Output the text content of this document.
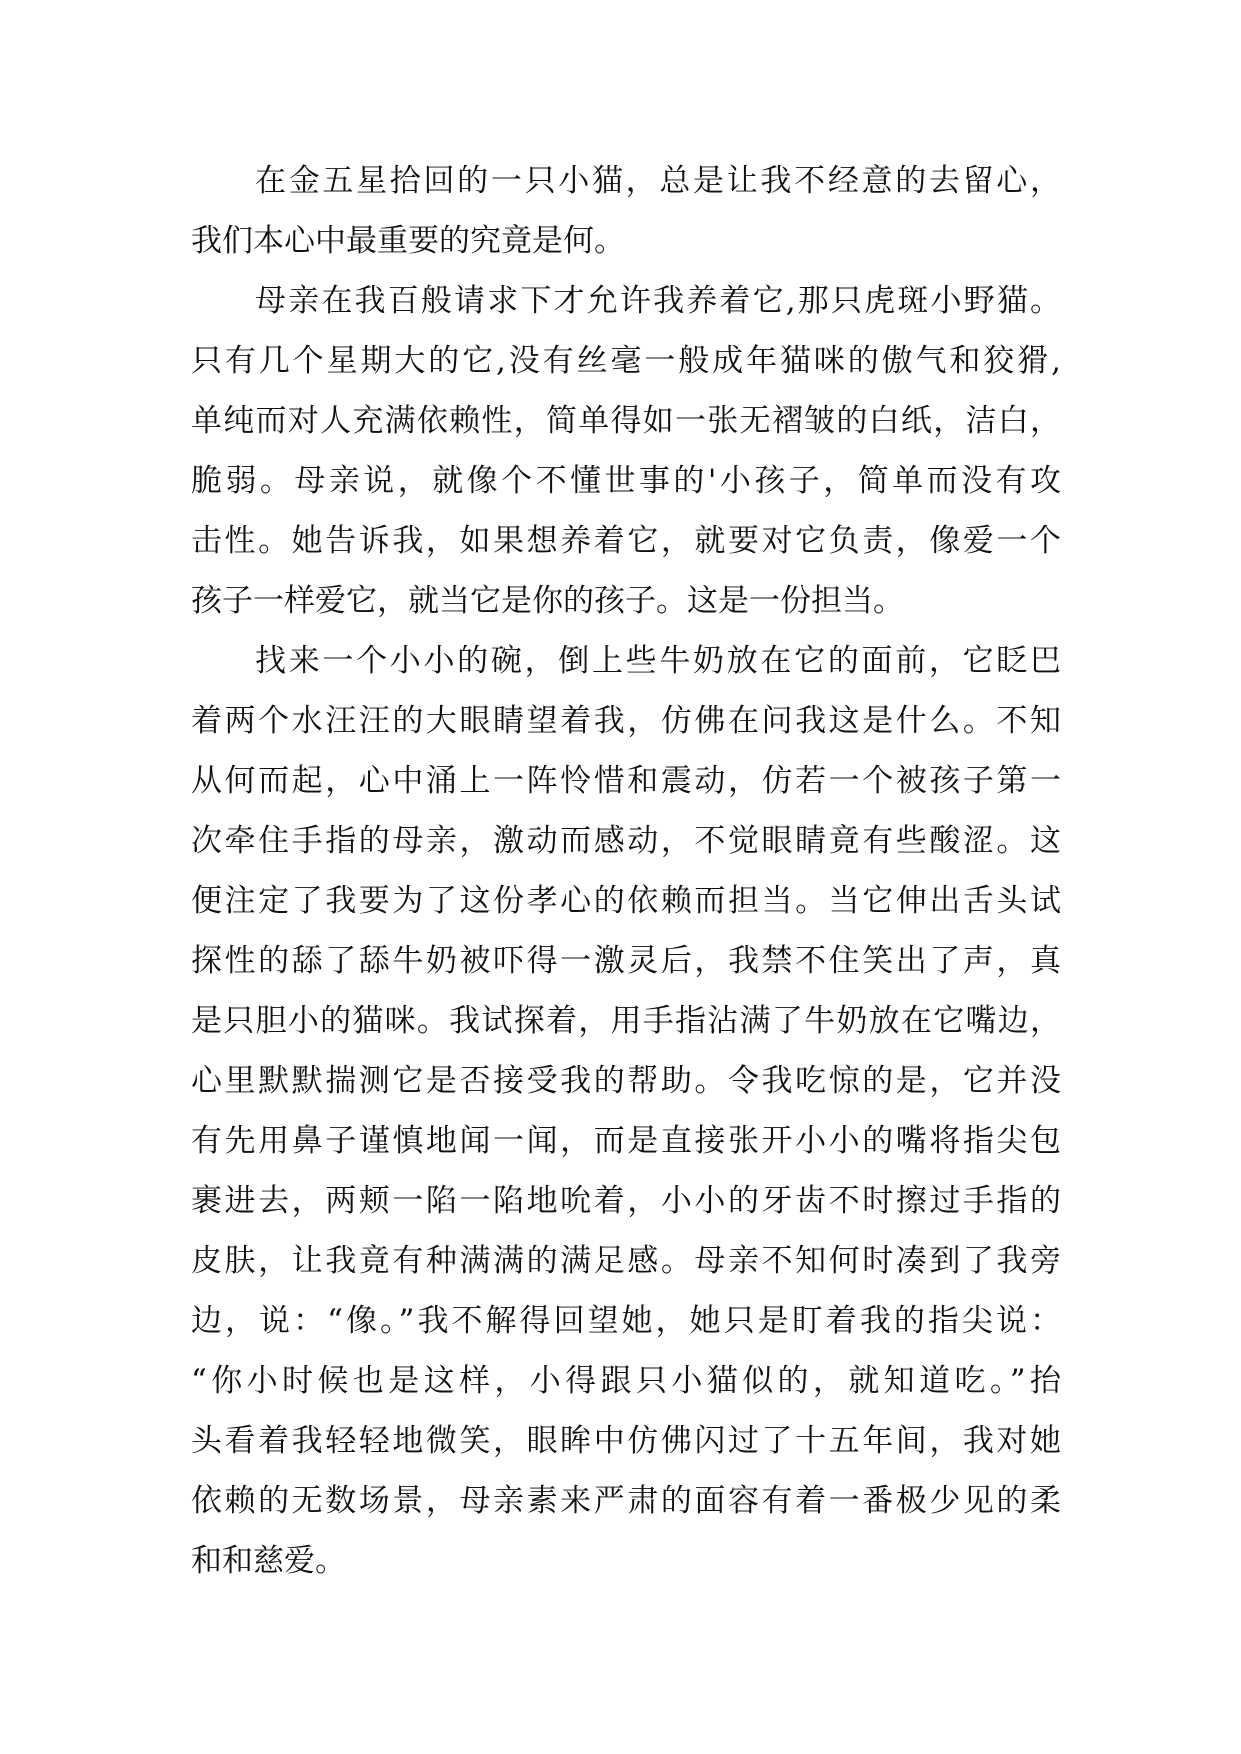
在金五星拾回的一只小猫，总是让我不经意的去留心，
我们本心中最重要的究竟是何。
母亲在我百般请求下才允许我养着它,那只虎斑小野猫。
只有几个星期大的它,没有丝毫一般成年猫咪的傲气和狡猾,
单纯而对人充满依赖性，简单得如一张无褶皱的白纸，洁白，
脆弱。母亲说，就像个不懂世事的'小孩子，简单而没有攻
击性。她告诉我，如果想养着它，就要对它负责，像爱一个
孩子一样爱它，就当它是你的孩子。这是一份担当。
找来一个小小的碗，倒上些牛奶放在它的面前，它眨巴
着两个水汪汪的大眼睛望着我，仿佛在问我这是什么。不知
从何而起，心中涌上一阵怜惜和震动，仿若一个被孩子第一
次牵住手指的母亲，激动而感动，不觉眼睛竟有些酸涩。这
便注定了我要为了这份孝心的依赖而担当。当它伸出舌头试
探性的舔了舔牛奶被吓得一激灵后，我禁不住笑出了声，真
是只胆小的猫咪。我试探着，用手指沾满了牛奶放在它嘴边，
心里默默揣测它是否接受我的帮助。令我吃惊的是，它并没
有先用鼻子谨慎地闻一闻，而是直接张开小小的嘴将指尖包
裹进去，两颊一陷一陷地吮着，小小的牙齿不时擦过手指的
皮肤，让我竟有种满满的满足感。母亲不知何时凑到了我旁
边，说：“像。”我不解得回望她，她只是盯着我的指尖说：
“你小时候也是这样，小得跟只小猫似的，就知道吃。”抬
头看着我轻轻地微笑，眼眸中仿佛闪过了十五年间，我对她
依赖的无数场景，母亲素来严肃的面容有着一番极少见的柔
和和慈爱。
